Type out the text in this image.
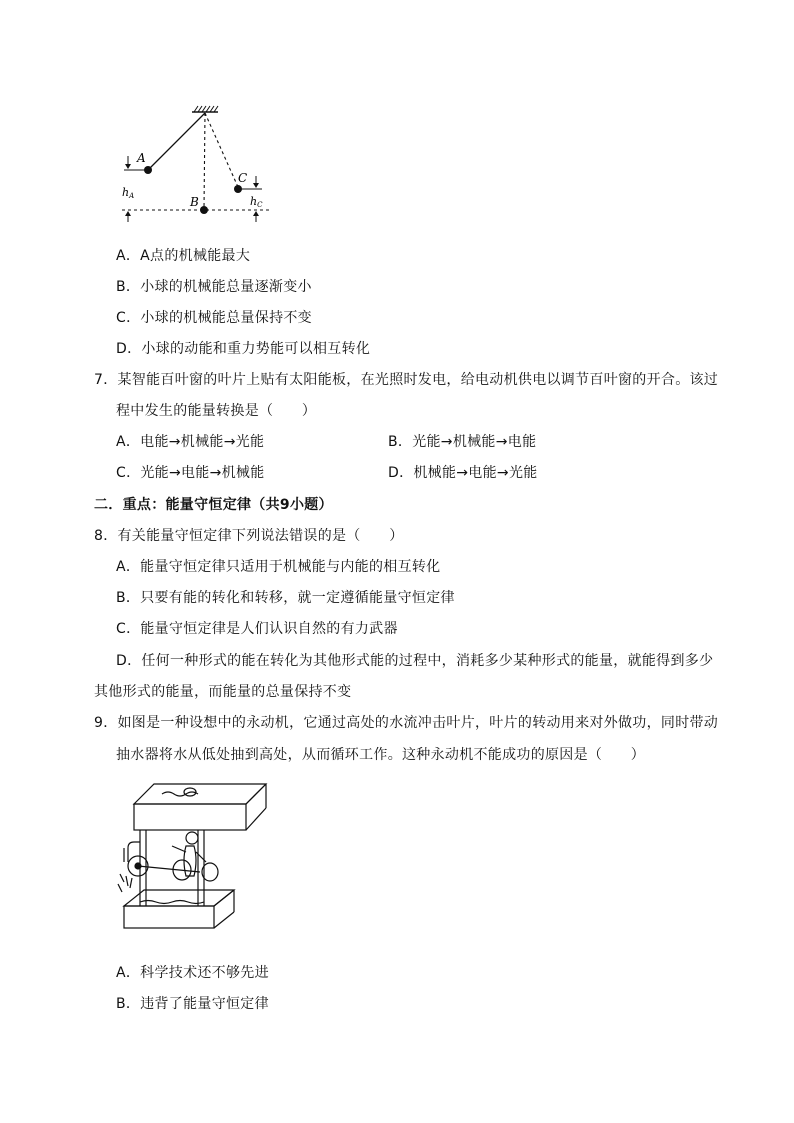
A
B
C
hA	hC
A．A点的机械能最大
B．小球的机械能总量逐渐变小
C．小球的机械能总量保持不变
D．小球的动能和重力势能可以相互转化
7．某智能百叶窗的叶片上贴有太阳能板，在光照时发电，给电动机供电以调节百叶窗的开合。该过
程中发生的能量转换是（　　）
A．电能→机械能→光能	B．光能→机械能→电能
C．光能→电能→机械能	D．机械能→电能→光能
二．重点：能量守恒定律（共9小题）
8．有关能量守恒定律下列说法错误的是（　　）
A．能量守恒定律只适用于机械能与内能的相互转化
B．只要有能的转化和转移，就一定遵循能量守恒定律
C．能量守恒定律是人们认识自然的有力武器
D．任何一种形式的能在转化为其他形式能的过程中，消耗多少某种形式的能量，就能得到多少
其他形式的能量，而能量的总量保持不变
9．如图是一种设想中的永动机，它通过高处的水流冲击叶片，叶片的转动用来对外做功，同时带动
抽水器将水从低处抽到高处，从而循环工作。这种永动机不能成功的原因是（　　）
A．科学技术还不够先进
B．违背了能量守恒定律
